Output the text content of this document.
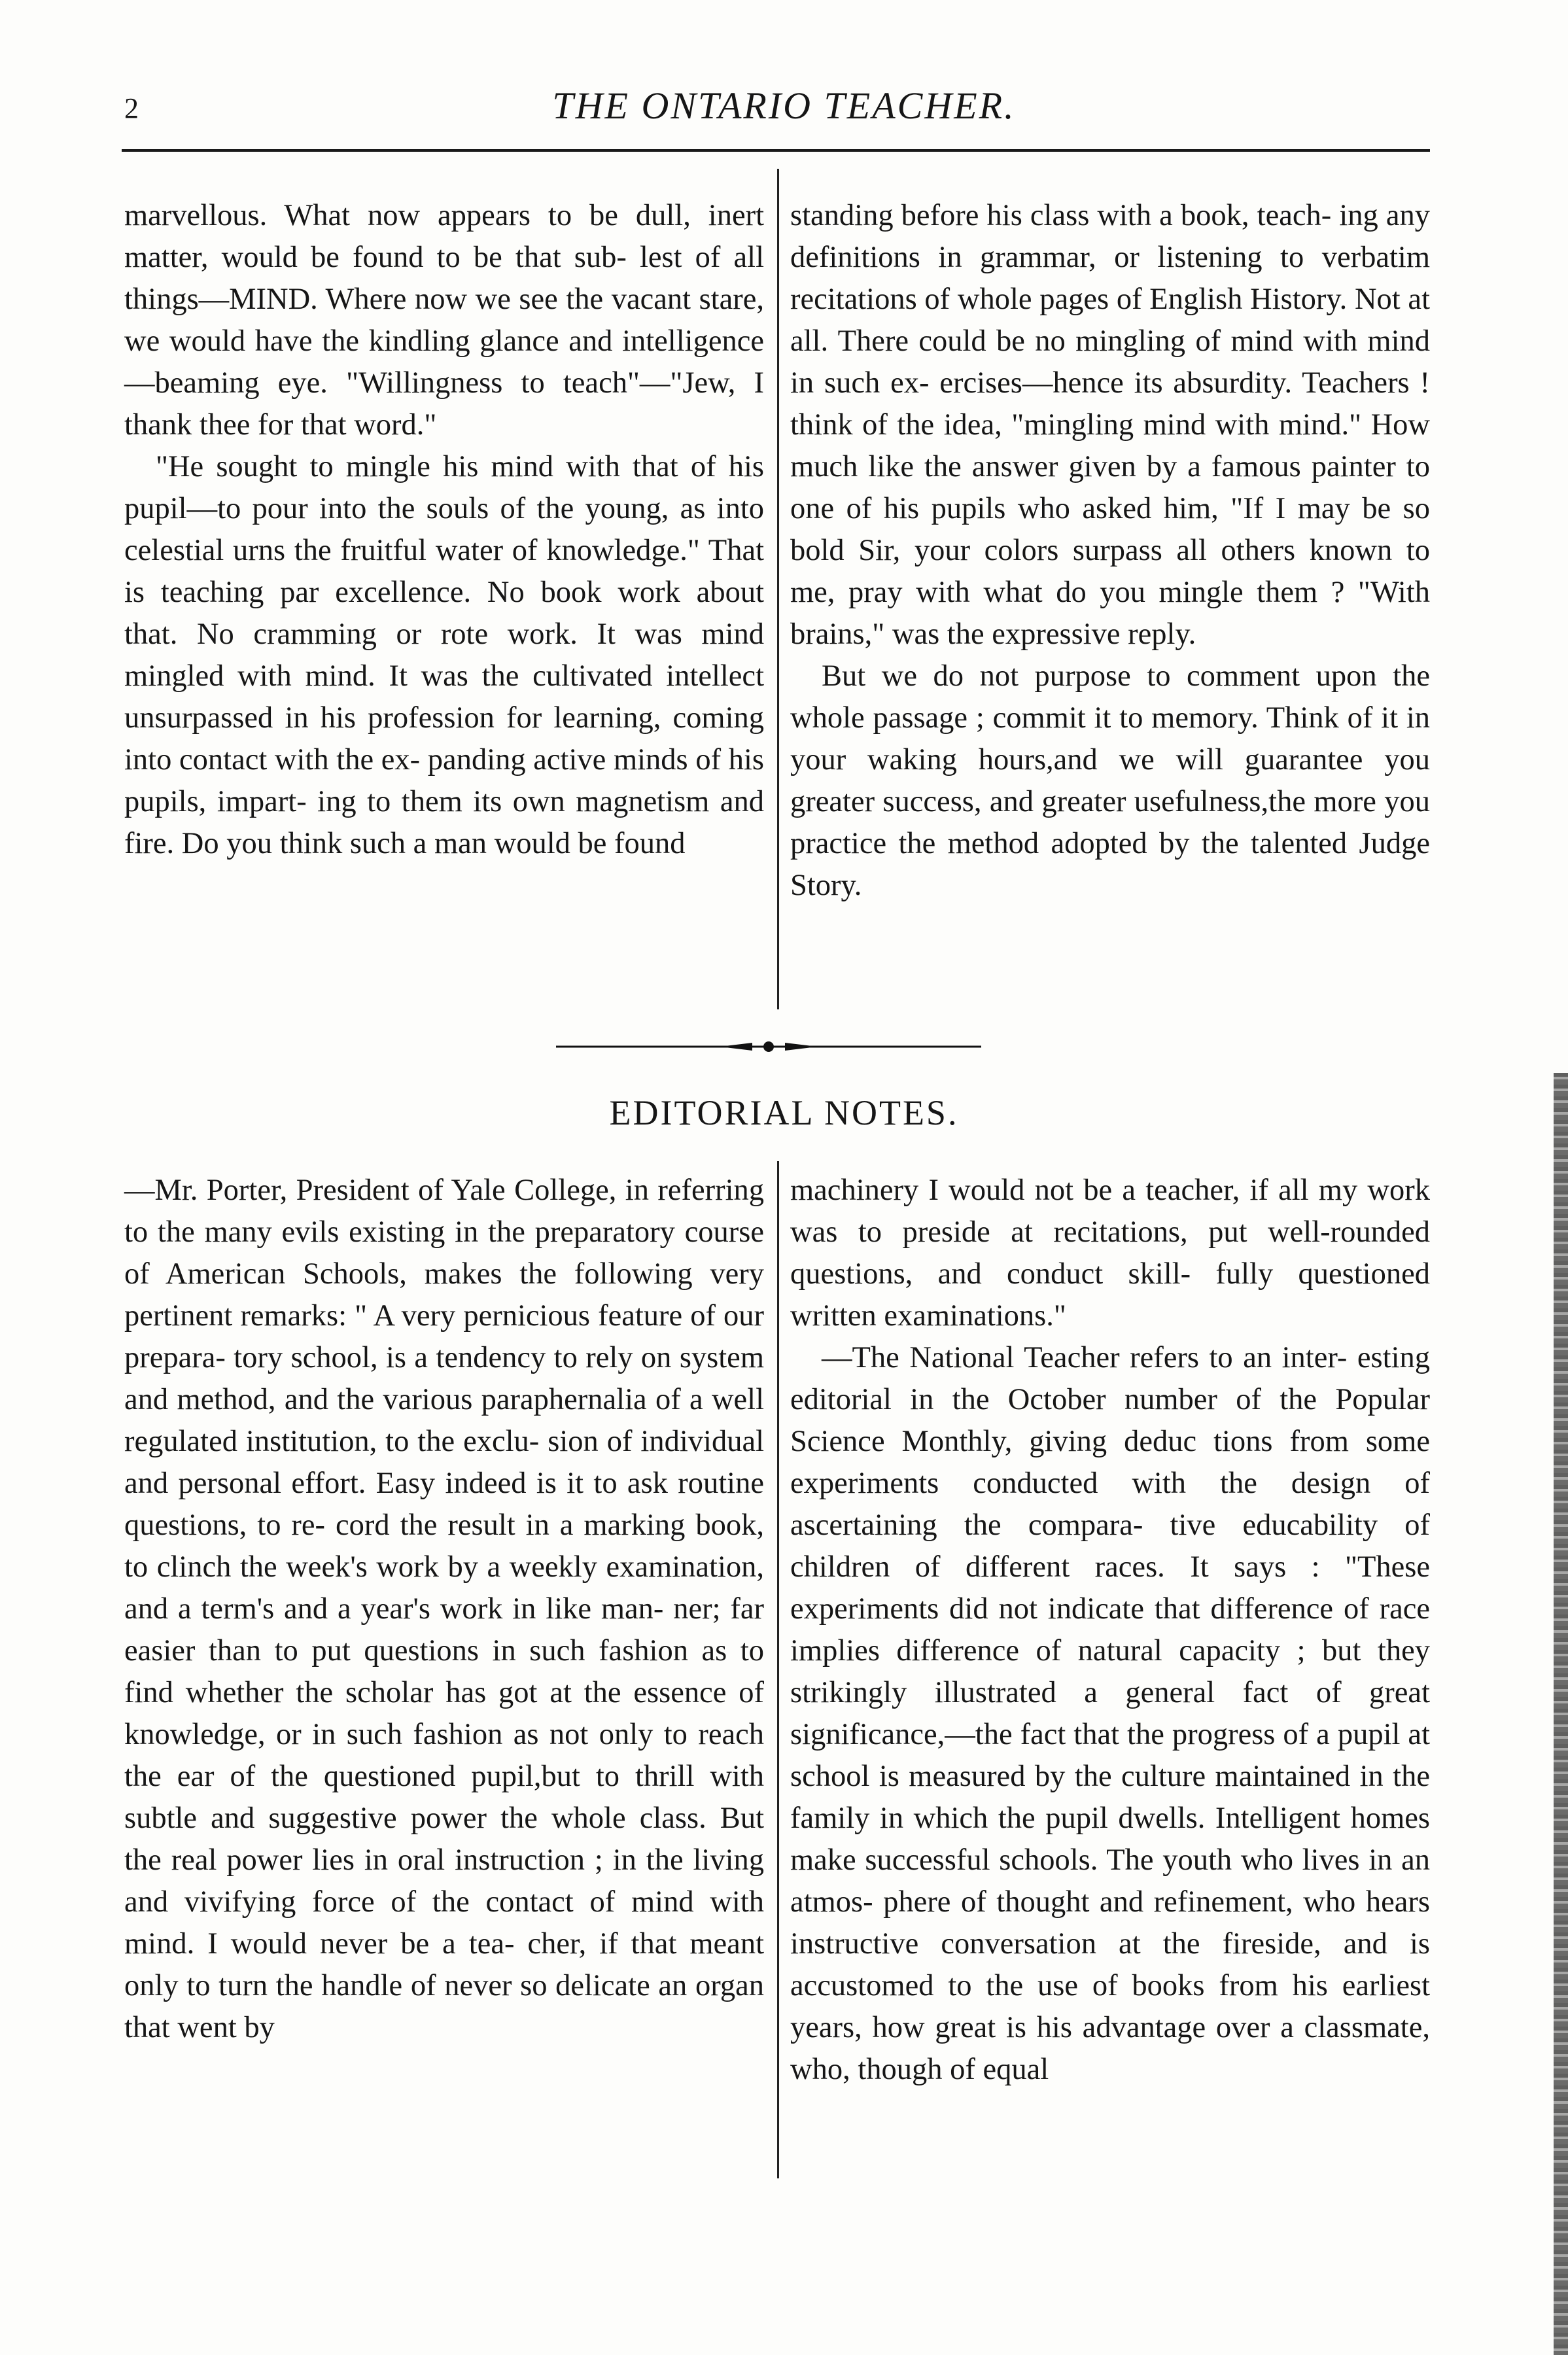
2	THE ONTARIO TEACHER.

marvellous. What now appears to be dull, inert matter, would be found to be that sub- lest of all things—MIND. Where now we see the vacant stare, we would have the kindling glance and intelligence—beaming eye. "Willingness to teach"—"Jew, I thank thee for that word."

"He sought to mingle his mind with that of his pupil—to pour into the souls of the young, as into celestial urns the fruitful water of knowledge." That is teaching par excellence. No book work about that. No cramming or rote work. It was mind mingled with mind. It was the cultivated intellect unsurpassed in his profession for learning, coming into contact with the ex- panding active minds of his pupils, impart- ing to them its own magnetism and fire. Do you think such a man would be found

standing before his class with a book, teach- ing any definitions in grammar, or listening to verbatim recitations of whole pages of English History. Not at all. There could be no mingling of mind with mind in such ex- ercises—hence its absurdity. Teachers ! think of the idea, "mingling mind with mind." How much like the answer given by a famous painter to one of his pupils who asked him, "If I may be so bold Sir, your colors surpass all others known to me, pray with what do you mingle them ? "With brains," was the expressive reply.

But we do not purpose to comment upon the whole passage ; commit it to memory. Think of it in your waking hours,and we will guarantee you greater success, and greater usefulness,the more you practice the method adopted by the talented Judge Story.

EDITORIAL NOTES.

—Mr. Porter, President of Yale College, in referring to the many evils existing in the preparatory course of American Schools, makes the following very pertinent remarks: " A very pernicious feature of our prepara- tory school, is a tendency to rely on system and method, and the various paraphernalia of a well regulated institution, to the exclu- sion of individual and personal effort. Easy indeed is it to ask routine questions, to re- cord the result in a marking book, to clinch the week's work by a weekly examination, and a term's and a year's work in like man- ner; far easier than to put questions in such fashion as to find whether the scholar has got at the essence of knowledge, or in such fashion as not only to reach the ear of the questioned pupil,but to thrill with subtle and suggestive power the whole class. But the real power lies in oral instruction ; in the living and vivifying force of the contact of mind with mind. I would never be a tea- cher, if that meant only to turn the handle of never so delicate an organ that went by

machinery I would not be a teacher, if all my work was to preside at recitations, put well-rounded questions, and conduct skill- fully questioned written examinations."

—The National Teacher refers to an inter- esting editorial in the October number of the Popular Science Monthly, giving deduc tions from some experiments conducted with the design of ascertaining the compara- tive educability of children of different races. It says : "These experiments did not indicate that difference of race implies difference of natural capacity ; but they strikingly illustrated a general fact of great significance,—the fact that the progress of a pupil at school is measured by the culture maintained in the family in which the pupil dwells. Intelligent homes make successful schools. The youth who lives in an atmos- phere of thought and refinement, who hears instructive conversation at the fireside, and is accustomed to the use of books from his earliest years, how great is his advantage over a classmate, who, though of equal
